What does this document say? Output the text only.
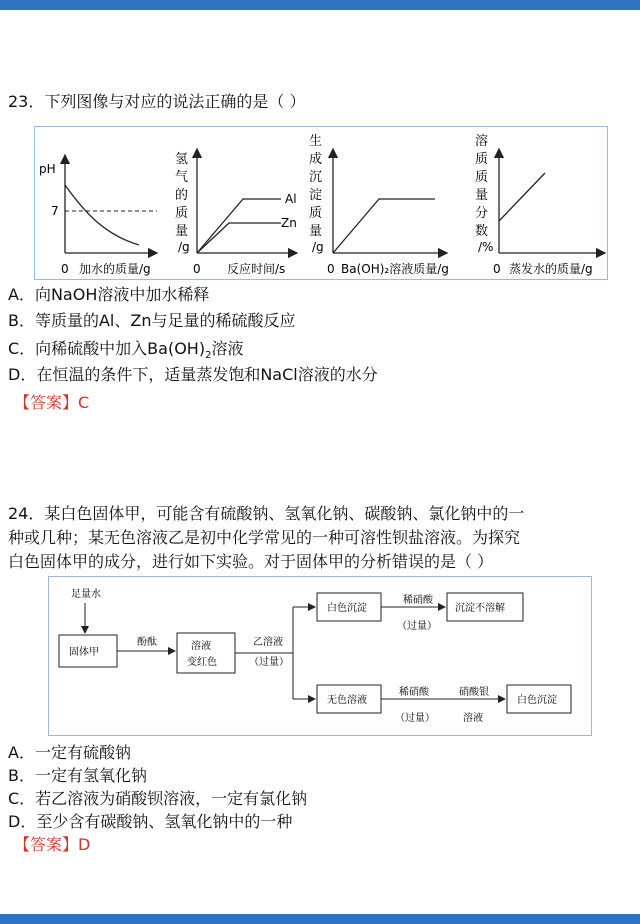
23．下列图像与对应的说法正确的是（ ）
pH
7
0 加水的质量/g
氢
气
的
质
量
/g
Al
Zn
0 反应时间/s
生
成
沉
淀
质
量
/g
0 Ba(OH)₂溶液质量/g
溶
质
质
量
分
数
/%
0 蒸发水的质量/g
A．向NaOH溶液中加水稀释
B．等质量的Al、Zn与足量的稀硫酸反应
C．向稀硫酸中加入$Ba(OH)_2$溶液
D．在恒温的条件下，适量蒸发饱和NaCl溶液的水分
【答案】C
24．某白色固体甲，可能含有硫酸钠、氢氧化钠、碳酸钠、氯化钠中的一
种或几种；某无色溶液乙是初中化学常见的一种可溶性钡盐溶液。为探究
白色固体甲的成分，进行如下实验。对于固体甲的分析错误的是（ ）
足量水
固体甲
酚酞	溶液
变红色
乙溶液
（过量）
白色沉淀
稀硝酸
（过量）
沉淀不溶解
无色溶液
稀硝酸
（过量）
硝酸银
溶液
白色沉淀
A．一定有硫酸钠
B．一定有氢氧化钠
C．若乙溶液为硝酸钡溶液，一定有氯化钠
D．至少含有碳酸钠、氢氧化钠中的一种
【答案】D
